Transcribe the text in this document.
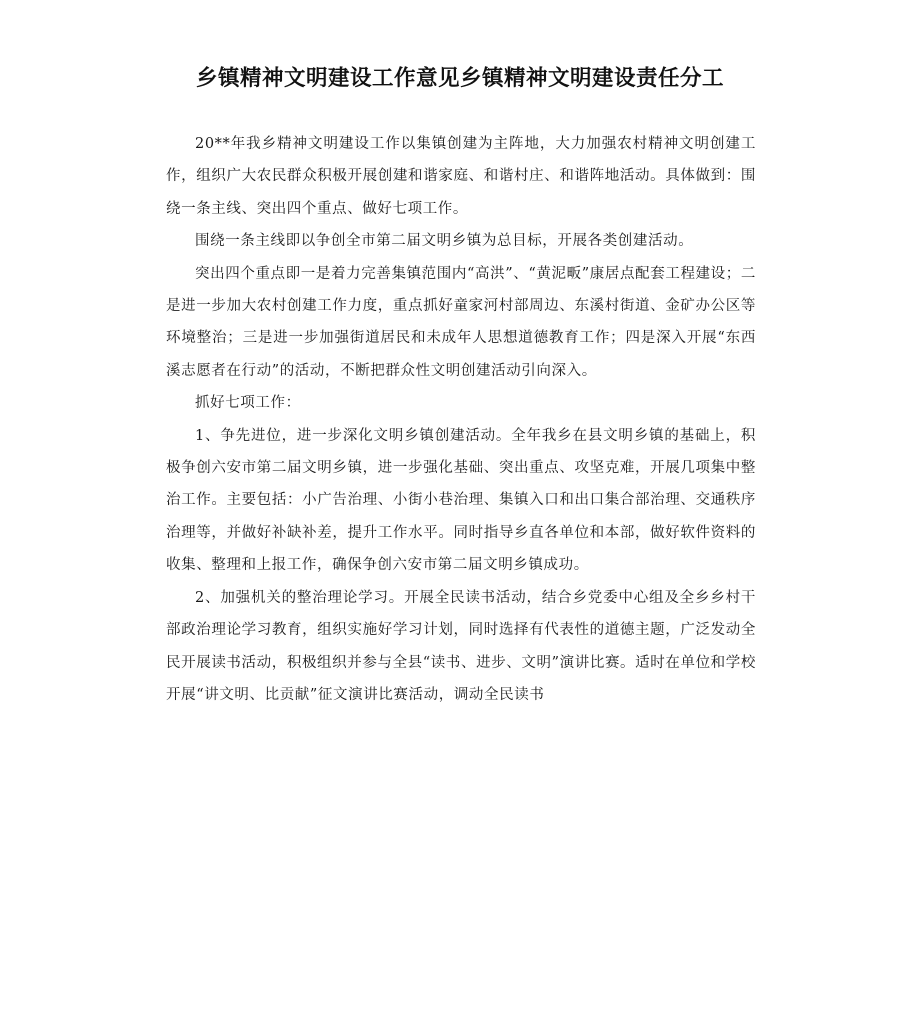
乡镇精神文明建设工作意见乡镇精神文明建设责任分工

20**年我乡精神文明建设工作以集镇创建为主阵地，大力加强农村精神文明创建工作，组织广大农民群众积极开展创建和谐家庭、和谐村庄、和谐阵地活动。具体做到：围绕一条主线、突出四个重点、做好七项工作。

围绕一条主线即以争创全市第二届文明乡镇为总目标，开展各类创建活动。

突出四个重点即一是着力完善集镇范围内“高洪”、“黄泥畈”康居点配套工程建设；二是进一步加大农村创建工作力度，重点抓好童家河村部周边、东溪村街道、金矿办公区等环境整治；三是进一步加强街道居民和未成年人思想道德教育工作；四是深入开展“东西溪志愿者在行动”的活动，不断把群众性文明创建活动引向深入。

抓好七项工作：

1、争先进位，进一步深化文明乡镇创建活动。全年我乡在县文明乡镇的基础上，积极争创六安市第二届文明乡镇，进一步强化基础、突出重点、攻坚克难，开展几项集中整治工作。主要包括：小广告治理、小街小巷治理、集镇入口和出口集合部治理、交通秩序治理等，并做好补缺补差，提升工作水平。同时指导乡直各单位和本部，做好软件资料的收集、整理和上报工作，确保争创六安市第二届文明乡镇成功。

2、加强机关的整治理论学习。开展全民读书活动，结合乡党委中心组及全乡乡村干部政治理论学习教育，组织实施好学习计划，同时选择有代表性的道德主题，广泛发动全民开展读书活动，积极组织并参与全县“读书、进步、文明”演讲比赛。适时在单位和学校开展“讲文明、比贡献”征文演讲比赛活动，调动全民读书
